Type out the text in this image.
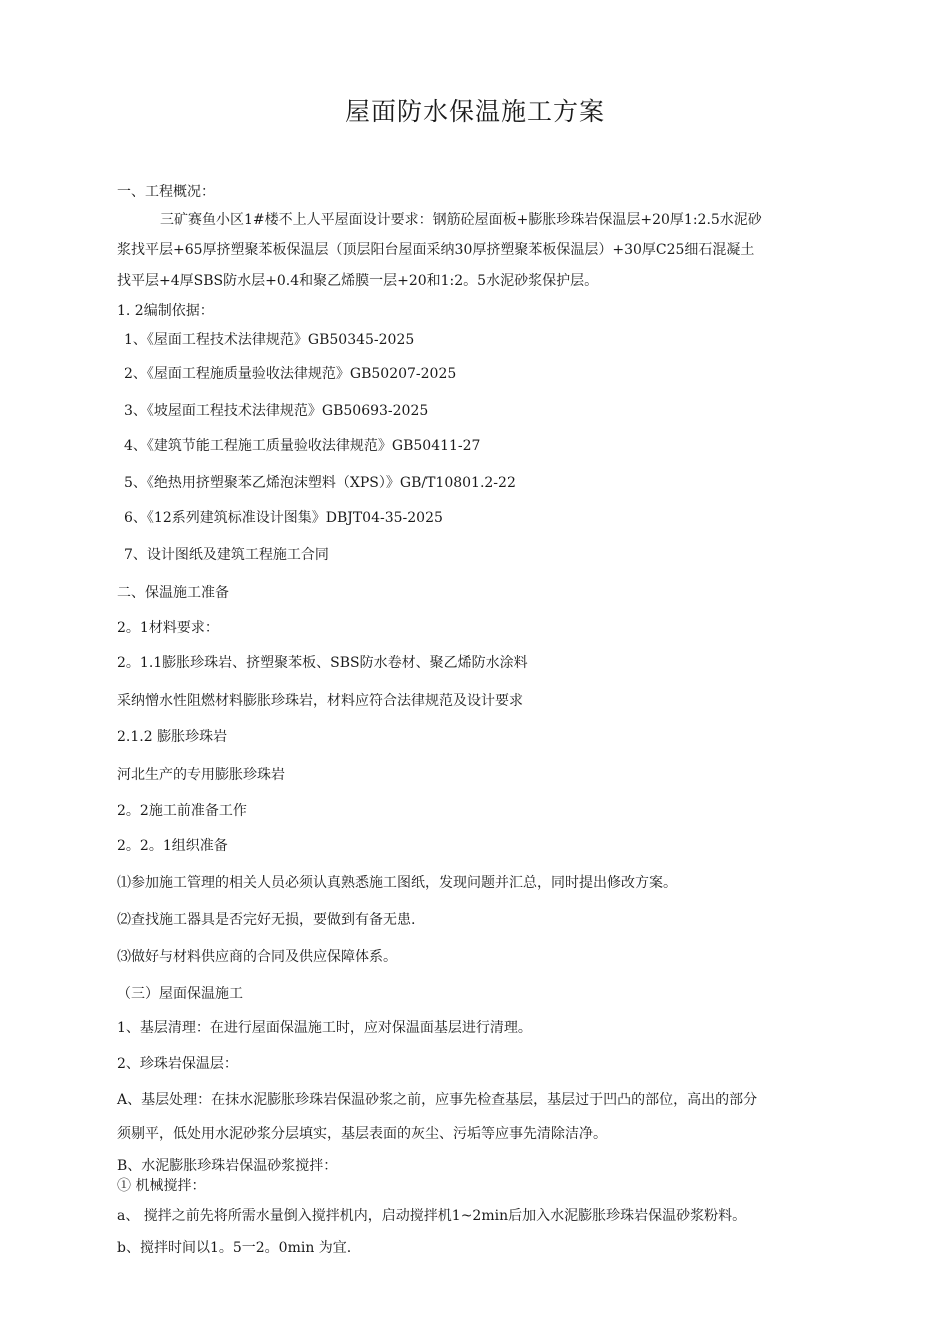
屋面防水保温施工方案
一、工程概况：
三矿赛鱼小区1#楼不上人平屋面设计要求：钢筋砼屋面板+膨胀珍珠岩保温层+20厚1:2.5水泥砂
浆找平层+65厚挤塑聚苯板保温层（顶层阳台屋面采纳30厚挤塑聚苯板保温层）+30厚C25细石混凝土
找平层+4厚SBS防水层+0.4和聚乙烯膜一层+20和1:2。5水泥砂浆保护层。
1. 2编制依据：
1、《屋面工程技术法律规范》GB50345-2025
2、《屋面工程施质量验收法律规范》GB50207-2025
3、《坡屋面工程技术法律规范》GB50693-2025
4、《建筑节能工程施工质量验收法律规范》GB50411-27
5、《绝热用挤塑聚苯乙烯泡沫塑料（XPS）》GB/T10801.2-22
6、《12系列建筑标准设计图集》DBJT04-35-2025
7、设计图纸及建筑工程施工合同
二、保温施工准备
2。1材料要求：
2。1.1膨胀珍珠岩、挤塑聚苯板、SBS防水卷材、聚乙烯防水涂料
采纳憎水性阻燃材料膨胀珍珠岩，材料应符合法律规范及设计要求
2.1.2 膨胀珍珠岩
河北生产的专用膨胀珍珠岩
2。2施工前准备工作
2。2。1组织准备
⑴参加施工管理的相关人员必须认真熟悉施工图纸，发现问题并汇总，同时提出修改方案。
⑵查找施工器具是否完好无损，要做到有备无患.
⑶做好与材料供应商的合同及供应保障体系。
（三）屋面保温施工
1、基层清理：在进行屋面保温施工时，应对保温面基层进行清理。
2、珍珠岩保温层：
A、基层处理：在抹水泥膨胀珍珠岩保温砂浆之前，应事先检查基层，基层过于凹凸的部位，高出的部分
须剔平，低处用水泥砂浆分层填实，基层表面的灰尘、污垢等应事先清除洁净。
B、水泥膨胀珍珠岩保温砂浆搅拌：
① 机械搅拌：
a、 搅拌之前先将所需水量倒入搅拌机内，启动搅拌机1~2min后加入水泥膨胀珍珠岩保温砂浆粉料。
b、搅拌时间以1。5一2。0min 为宜.
